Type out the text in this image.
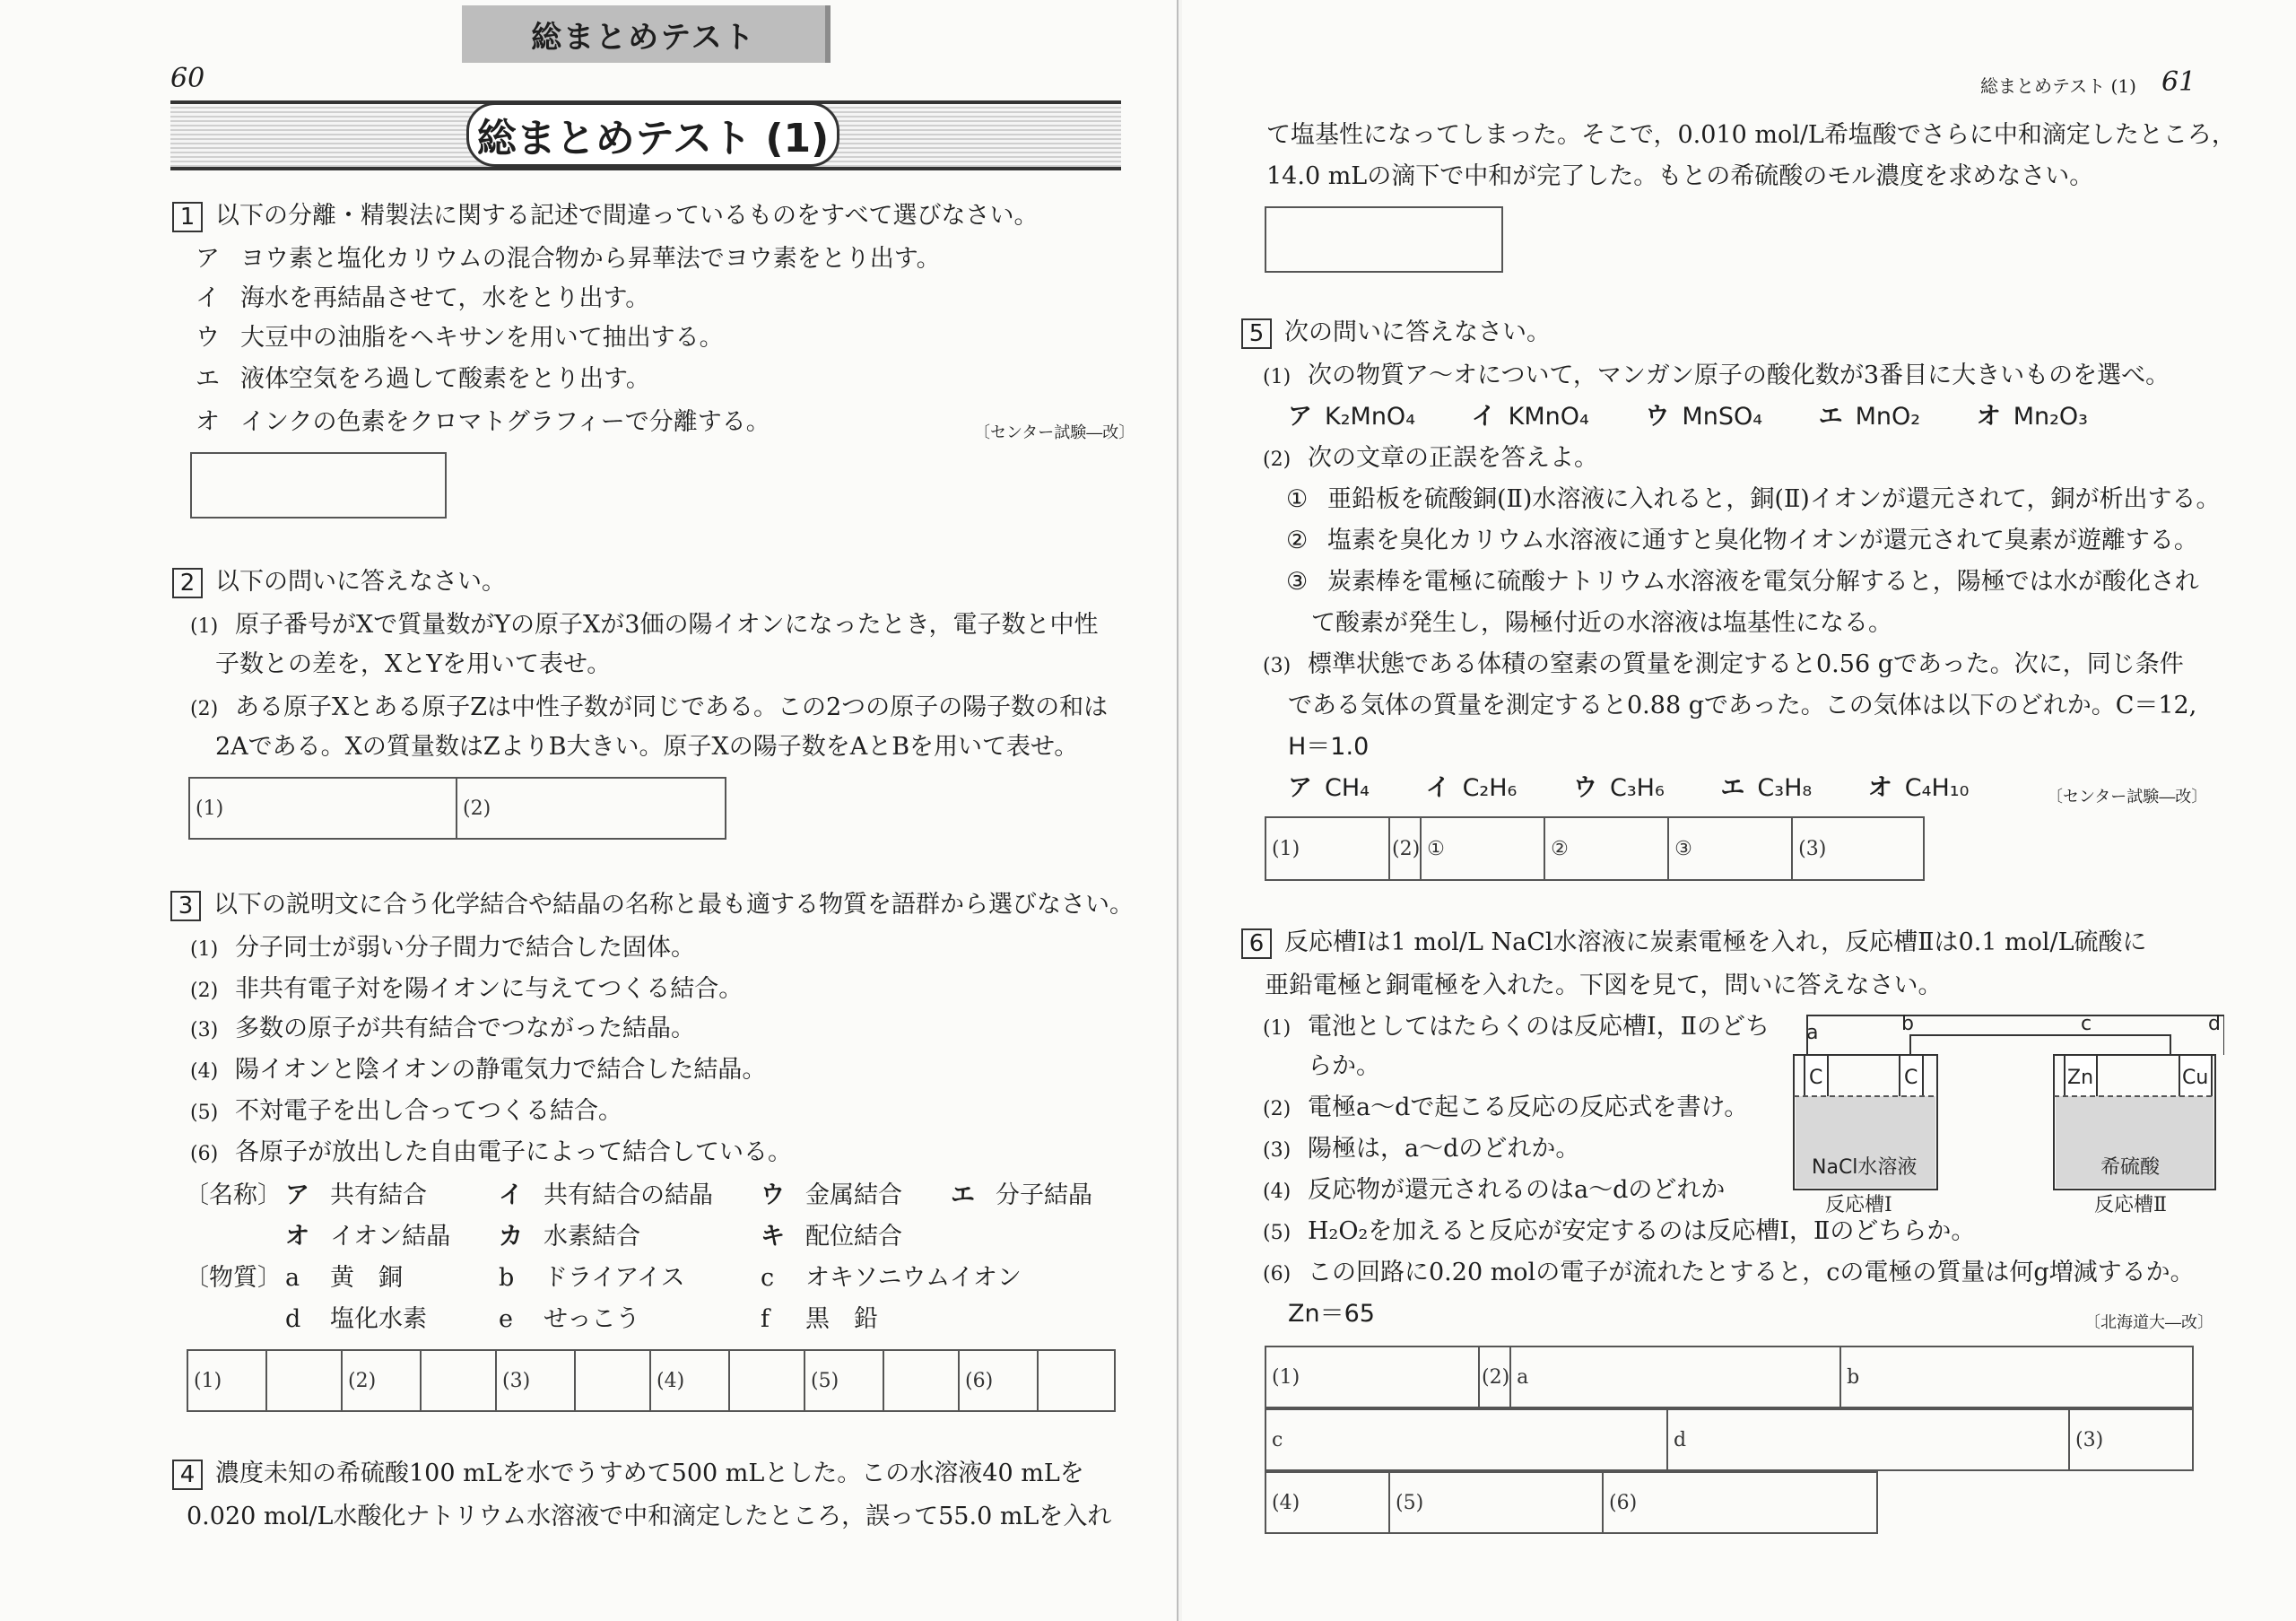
総まとめテスト
60
総まとめテスト (1)
1 以下の分離・精製法に関する記述で間違っているものをすべて選びなさい。
ア ヨウ素と塩化カリウムの混合物から昇華法でヨウ素をとり出す。
イ 海水を再結晶させて，水をとり出す。
ウ 大豆中の油脂をヘキサンを用いて抽出する。
エ 液体空気をろ過して酸素をとり出す。
オ インクの色素をクロマトグラフィーで分離する。	〔センター試験―改〕
2 以下の問いに答えなさい。
(1) 原子番号がXで質量数がYの原子Xが3価の陽イオンになったとき，電子数と中性
子数との差を，XとYを用いて表せ。
(2) ある原子Xとある原子Zは中性子数が同じである。この2つの原子の陽子数の和は
2Aである。Xの質量数はZよりB大きい。原子Xの陽子数をAとBを用いて表せ。
(1)	(2)
3 以下の説明文に合う化学結合や結晶の名称と最も適する物質を語群から選びなさい。
(1) 分子同士が弱い分子間力で結合した固体。
(2) 非共有電子対を陽イオンに与えてつくる結合。
(3) 多数の原子が共有結合でつながった結晶。
(4) 陽イオンと陰イオンの静電気力で結合した結晶。
(5) 不対電子を出し合ってつくる結合。
(6) 各原子が放出した自由電子によって結合している。
〔名称〕 ア 共有結合	イ 共有結合の結晶 ウ 金属結合 エ 分子結晶
オ イオン結晶 カ 水素結合	キ 配位結合
〔物質〕 a 黄　銅	b ドライアイス	c オキソニウムイオン
d 塩化水素	e せっこう	f 黒　鉛
(1)		(2)		(3)		(4)		(5)		(6)	
4 濃度未知の希硫酸100 mLを水でうすめて500 mLとした。この水溶液40 mLを
0.020 mol/L水酸化ナトリウム水溶液で中和滴定したところ，誤って55.0 mLを入れ
総まとめテスト (1) 61
て塩基性になってしまった。そこで，0.010 mol/L希塩酸でさらに中和滴定したところ，
14.0 mLの滴下で中和が完了した。もとの希硫酸のモル濃度を求めなさい。
5 次の問いに答えなさい。
(1) 次の物質ア～オについて，マンガン原子の酸化数が3番目に大きいものを選べ。
ア K₂MnO₄ イ KMnO₄ ウ MnSO₄ エ MnO₂ オ Mn₂O₃
(2) 次の文章の正誤を答えよ。
① 亜鉛板を硫酸銅(Ⅱ)水溶液に入れると，銅(Ⅱ)イオンが還元されて，銅が析出する。
② 塩素を臭化カリウム水溶液に通すと臭化物イオンが還元されて臭素が遊離する。
③ 炭素棒を電極に硫酸ナトリウム水溶液を電気分解すると，陽極では水が酸化され
て酸素が発生し，陽極付近の水溶液は塩基性になる。
(3) 標準状態である体積の窒素の質量を測定すると0.56 gであった。次に，同じ条件
である気体の質量を測定すると0.88 gであった。この気体は以下のどれか。C＝12,
H＝1.0
ア CH₄ イ C₂H₆ ウ C₃H₆ エ C₃H₈ オ C₄H₁₀	〔センター試験―改〕
(1)	(2)	①	②	③	(3)
6 反応槽Ⅰは1 mol/L NaCl水溶液に炭素電極を入れ，反応槽Ⅱは0.1 mol/L硫酸に
亜鉛電極と銅電極を入れた。下図を見て，問いに答えなさい。
(1) 電池としてはたらくのは反応槽Ⅰ，Ⅱのどち
らか。
(2) 電極a～dで起こる反応の反応式を書け。
(3) 陽極は，a～dのどれか。
(4) 反応物が還元されるのはa～dのどれか
(5) H₂O₂を加えると反応が安定するのは反応槽Ⅰ，Ⅱのどちらか。
(6) この回路に0.20 molの電子が流れたとすると，cの電極の質量は何g増減するか。
Zn＝65	〔北海道大―改〕
a	b	c	d
C	C	Zn	Cu
NaCl水溶液	希硫酸
反応槽Ⅰ	反応槽Ⅱ
(1)	(2)	a	b
c	d	(3)
(4)	(5)	(6)
